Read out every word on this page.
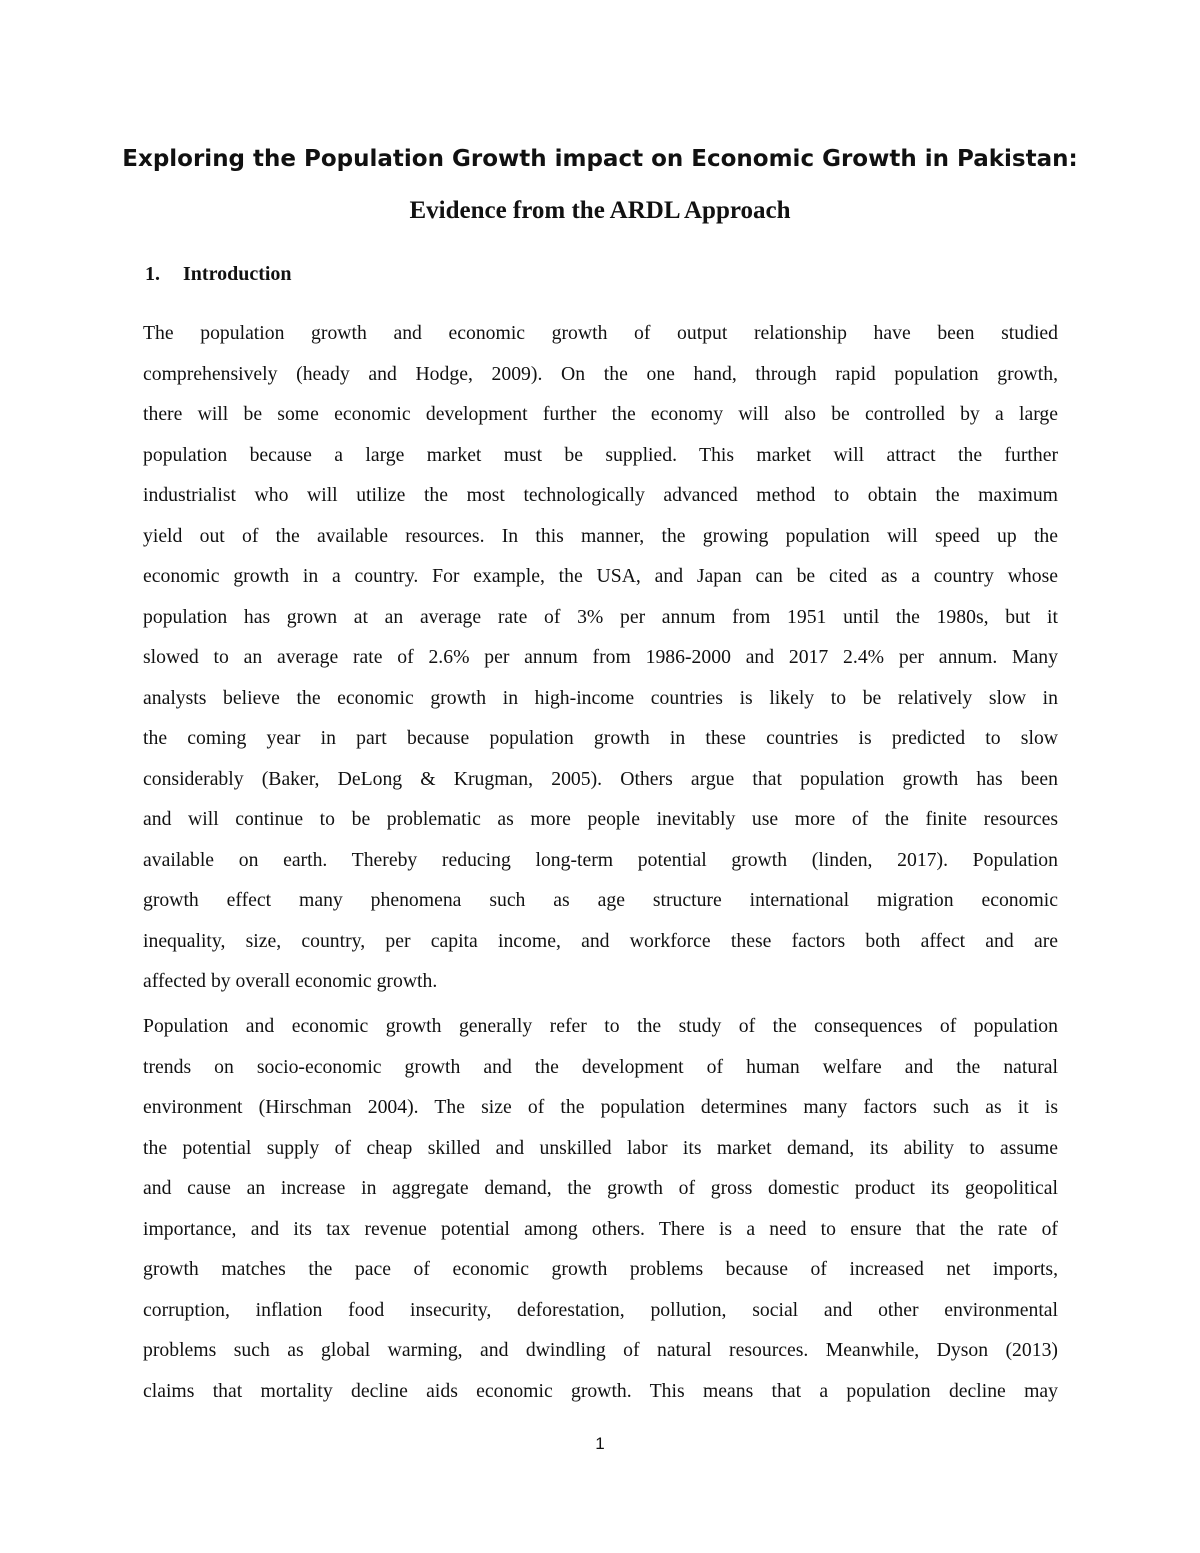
Exploring the Population Growth impact on Economic Growth in Pakistan:
Evidence from the ARDL Approach
1. Introduction

The population growth and economic growth of output relationship have been studied
comprehensively (heady and Hodge, 2009). On the one hand, through rapid population growth,
there will be some economic development further the economy will also be controlled by a large
population because a large market must be supplied. This market will attract the further
industrialist who will utilize the most technologically advanced method to obtain the maximum
yield out of the available resources. In this manner, the growing population will speed up the
economic growth in a country. For example, the USA, and Japan can be cited as a country whose
population has grown at an average rate of 3% per annum from 1951 until the 1980s, but it
slowed to an average rate of 2.6% per annum from 1986-2000 and 2017 2.4% per annum. Many
analysts believe the economic growth in high-income countries is likely to be relatively slow in
the coming year in part because population growth in these countries is predicted to slow
considerably (Baker, DeLong & Krugman, 2005). Others argue that population growth has been
and will continue to be problematic as more people inevitably use more of the finite resources
available on earth. Thereby reducing long-term potential growth (linden, 2017). Population
growth effect many phenomena such as age structure international migration economic
inequality, size, country, per capita income, and workforce these factors both affect and are
affected by overall economic growth.

Population and economic growth generally refer to the study of the consequences of population
trends on socio-economic growth and the development of human welfare and the natural
environment (Hirschman 2004). The size of the population determines many factors such as it is
the potential supply of cheap skilled and unskilled labor its market demand, its ability to assume
and cause an increase in aggregate demand, the growth of gross domestic product its geopolitical
importance, and its tax revenue potential among others. There is a need to ensure that the rate of
growth matches the pace of economic growth problems because of increased net imports,
corruption, inflation food insecurity, deforestation, pollution, social and other environmental
problems such as global warming, and dwindling of natural resources. Meanwhile, Dyson (2013)
claims that mortality decline aids economic growth. This means that a population decline may

1
